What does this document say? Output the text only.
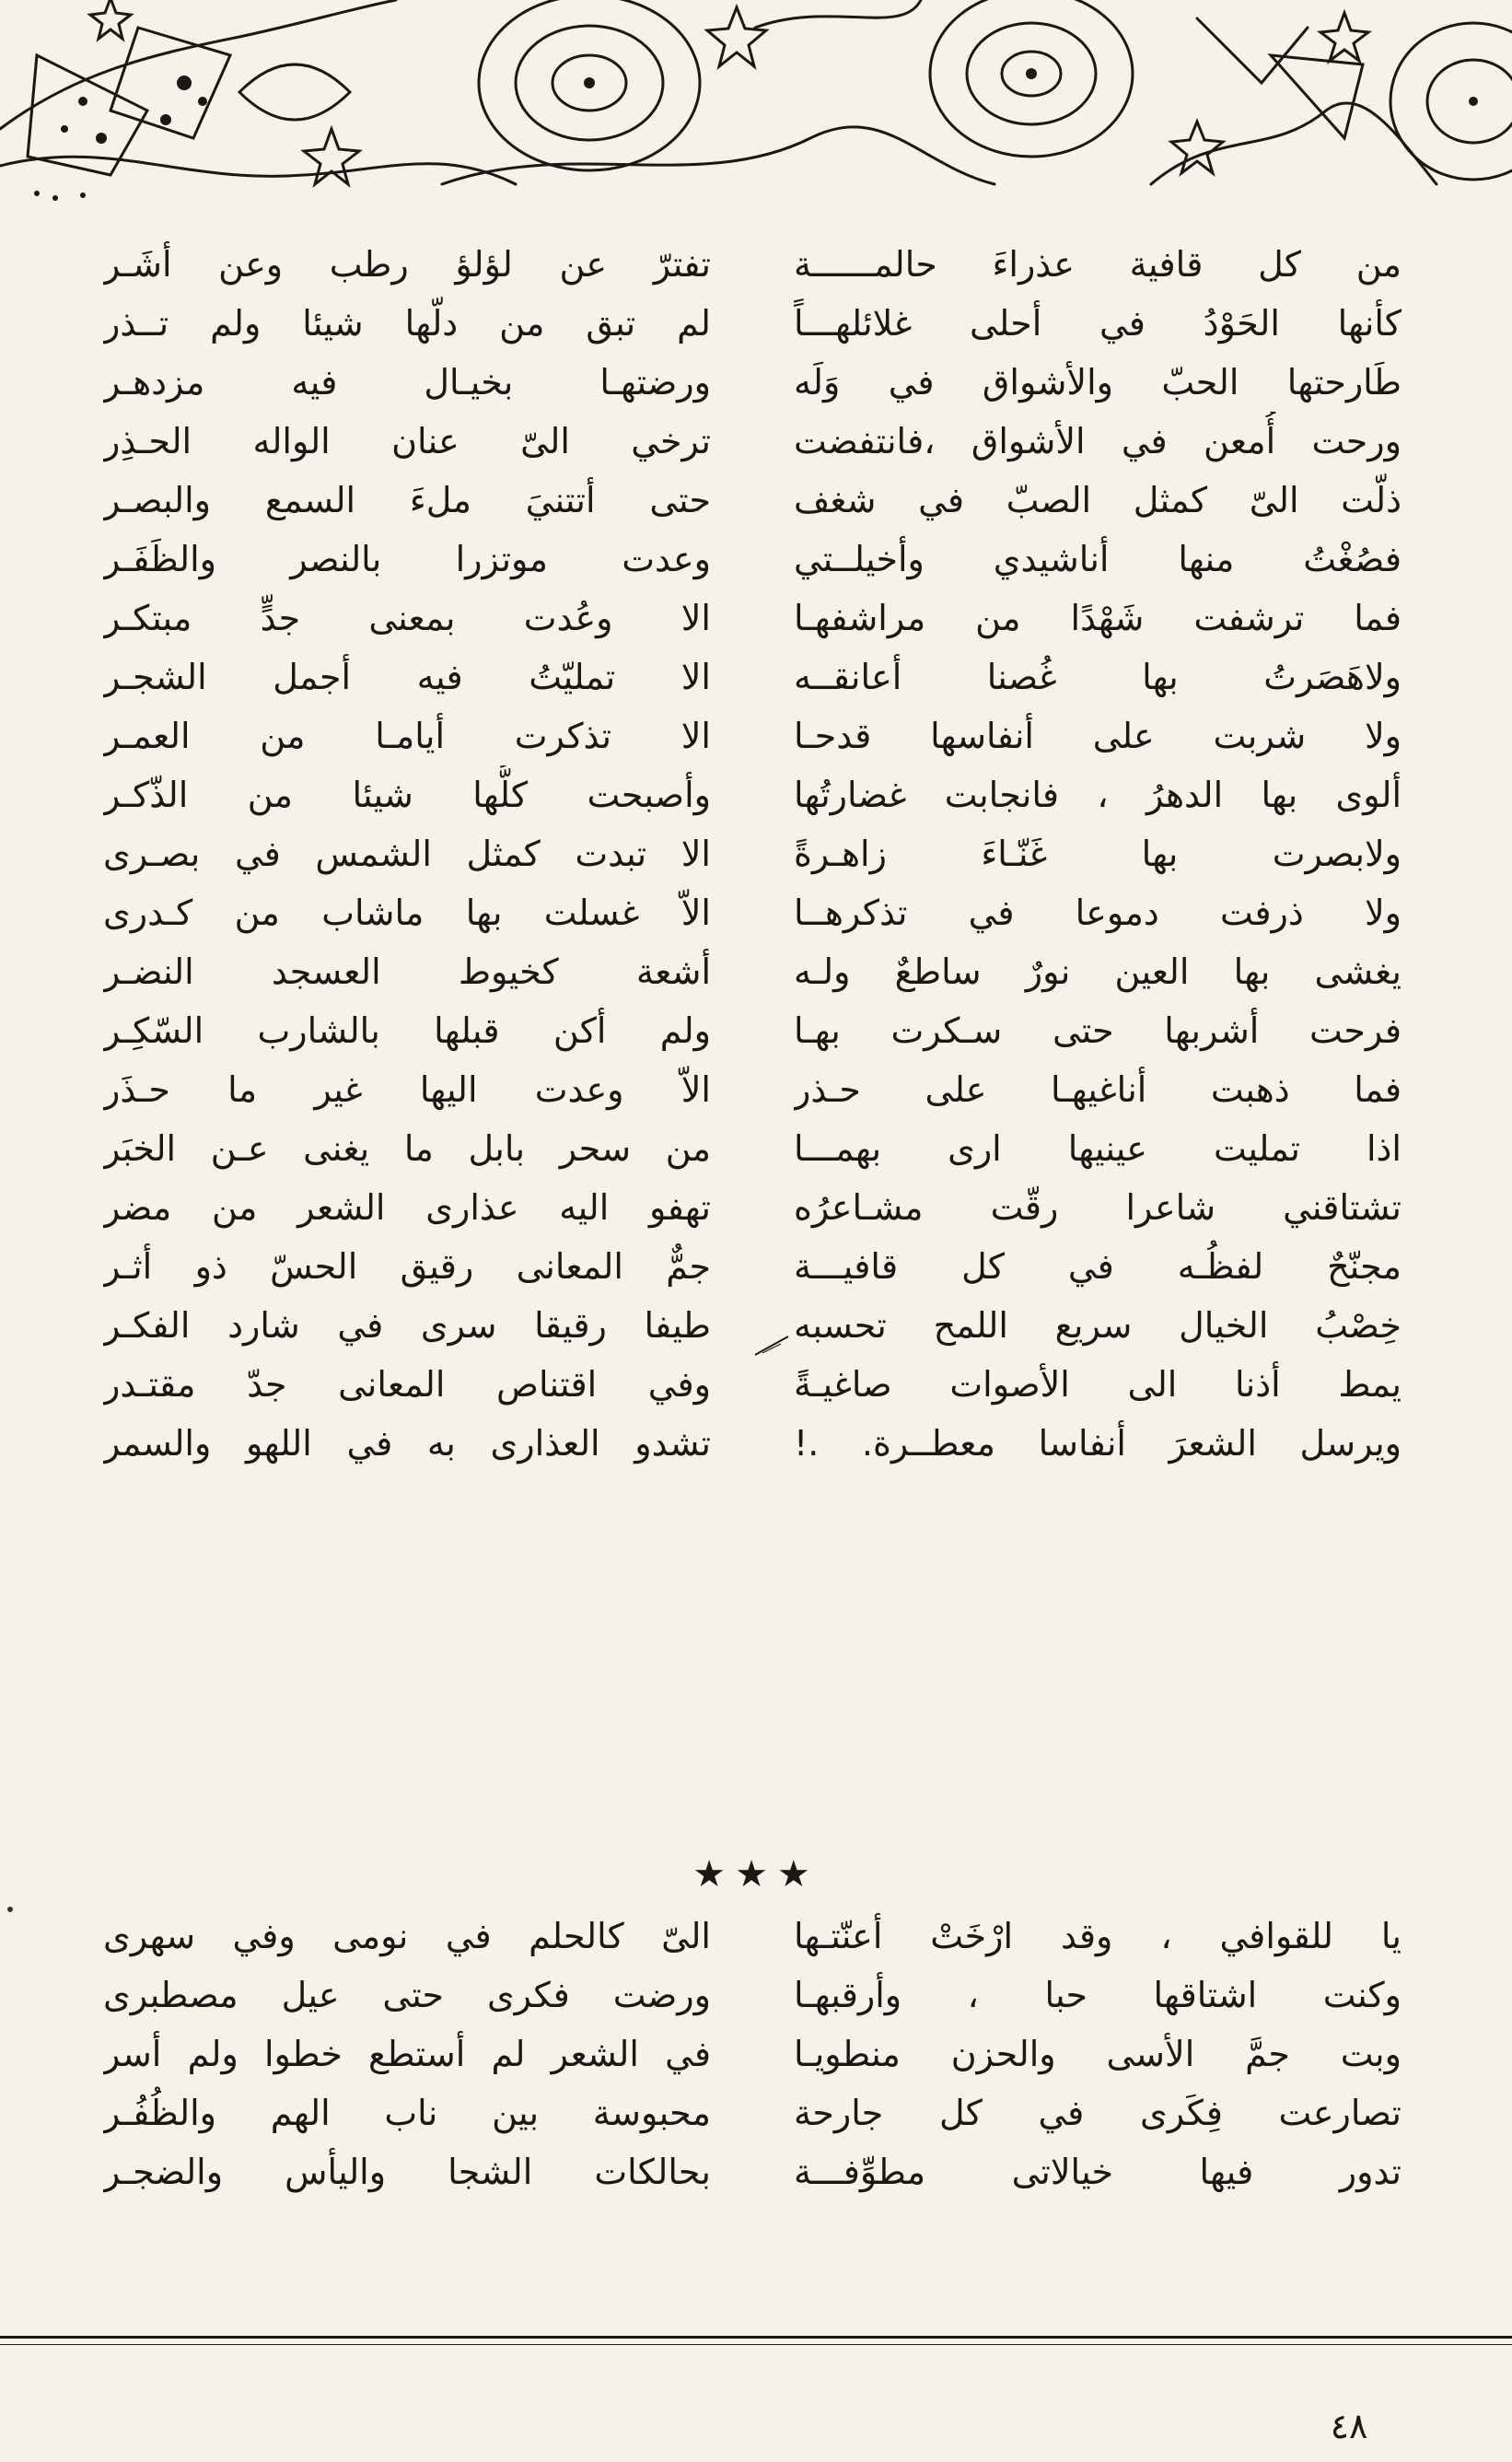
من كل قافية عذراءَ حالمــــــة
كأنها الحَوْدُ في أحلى غلائلهـــاً
طَارحتها الحبّ والأشواق في وَلَه
ورحت أُمعن في الأشواق ،فانتفضت
ذلّت الىّ كمثل الصبّ في شغف
فصُغْتُ منها أناشيدي وأخيلــتي
فما ترشفت شَهْدًا من مراشفهـا
ولاهَصَرتُ بها غُصنا أعانقــه
ولا شربت على أنفاسها قدحـا
ألوى بها الدهرُ ، فانجابت غضارتُها
ولابصرت بها غَنّـاءَ زاهـرةً
ولا ذرفت دموعا في تذكرهــا
يغشى بها العين نورٌ ساطعٌ ولـه
فرحت أشربها حتى سـكرت بهـا
فما ذهبت أناغيهـا على حـذر
اذا تمليت عينيها ارى بهمـــا
تشتاقني شاعرا رقّت مشـاعرُه
مجنّحٌ لفظُـه في كل قافيـــة
خِصْبُ الخيال سريع اللمح تحسبه
يمط أذنا الى الأصوات صاغيـةً
ويرسل الشعرَ أنفاسا معطــرة. .!
تفترّ عن لؤلؤ رطب وعن أشَـر
لم تبق من دلّها شيئا ولم تــذر
ورضتهـا بخيـال فيه مزدهـر
ترخي الىّ عنان الواله الحـذِر
حتى أتتنيَ ملءَ السمع والبصـر
وعدت موتزرا بالنصر والظَفَـر
الا وعُدت بمعنى جدٍّ مبتكـر
الا تمليّتُ فيه أجمل الشجـر
الا تذكرت أيامـا من العمـر
وأصبحت كلُّها شيئا من الذّكـر
الا تبدت كمثل الشمس في بصـرى
الاّ غسلت بها ماشاب من كـدرى
أشعة كخيوط العسجد النضـر
ولم أكن قبلها بالشارب السّكِـر
الاّ وعدت اليها غير ما حـذَر
من سحر بابل ما يغنى عـن الخبَر
تهفو اليه عذارى الشعر من مضر
جمٌّ المعانى رقيق الحسّ ذو أثـر
طيفا رقيقا سرى في شارد الفكـر
وفي اقتناص المعانى جدّ مقتـدر
تشدو العذارى به في اللهو والسمر
★★★
يا للقوافي ، وقد ارْخَتْ أعنّتـها
وكنت اشتاقها حبا ، وأرقبهـا
وبت جمَّ الأسى والحزن منطويـا
تصارعت فِكَرى في كل جارحة
تدور فيها خيالاتى مطوِّفـــة
الىّ كالحلم في نومى وفي سهرى
ورضت فكرى حتى عيل مصطبرى
في الشعر لم أستطع خطوا ولم أسر
محبوسة بين ناب الهم والظُفُـر
بحالكات الشجا واليأس والضجـر
٤٨
